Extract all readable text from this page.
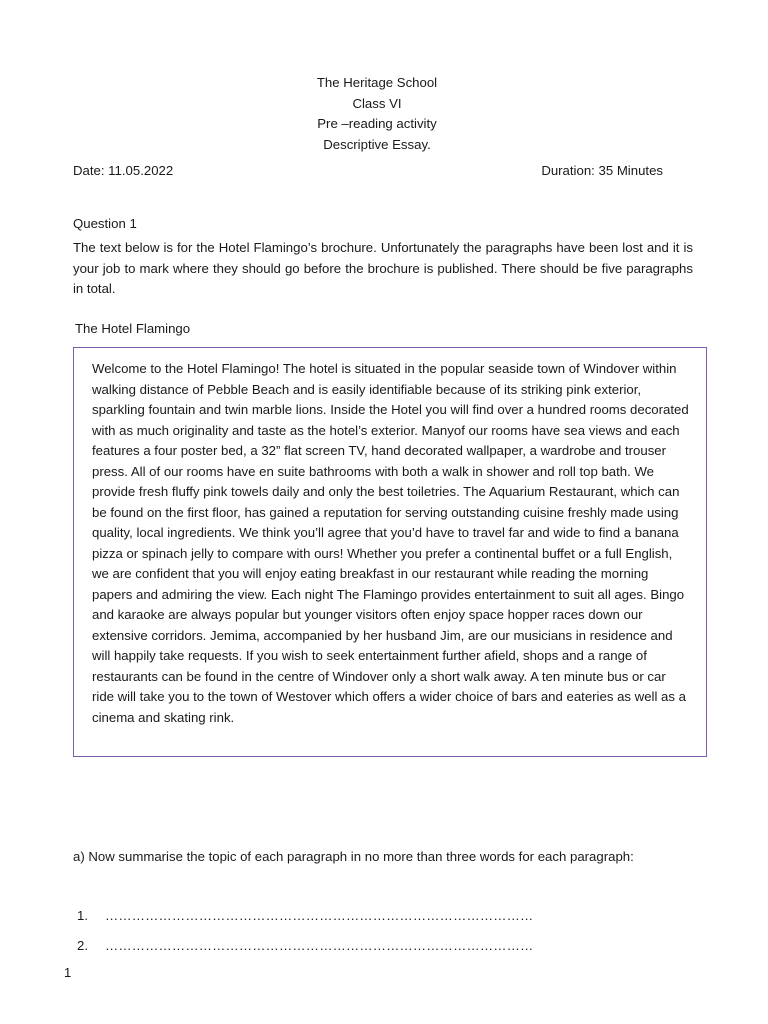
The Heritage School
Class VI
Pre –reading activity
Descriptive Essay.
Date: 11.05.2022	Duration: 35 Minutes
Question 1
The text below is for the Hotel Flamingo’s brochure. Unfortunately the paragraphs have been lost and it is your job to mark where they should go before the brochure is published. There should be five paragraphs in total.
The Hotel Flamingo

Welcome to the Hotel Flamingo! The hotel is situated in the popular seaside town of Windover within walking distance of Pebble Beach and is easily identifiable because of its striking pink exterior, sparkling fountain and twin marble lions. Inside the Hotel you will find over a hundred rooms decorated with as much originality and taste as the hotel’s exterior. Manyof our rooms have sea views and each features a four poster bed, a 32” flat screen TV, hand decorated wallpaper, a wardrobe and trouser press. All of our rooms have en suite bathrooms with both a walk in shower and roll top bath. We provide fresh fluffy pink towels daily and only the best toiletries. The Aquarium Restaurant, which can be found on the first floor, has gained a reputation for serving outstanding cuisine freshly made using quality, local ingredients. We think you’ll agree that you’d have to travel far and wide to find a banana pizza or spinach jelly to compare with ours! Whether you prefer a continental buffet or a full English, we are confident that you will enjoy eating breakfast in our restaurant while reading the morning papers and admiring the view. Each night The Flamingo provides entertainment to suit all ages. Bingo and karaoke are always popular but younger visitors often enjoy space hopper races down our extensive corridors. Jemima, accompanied by her husband Jim, are our musicians in residence and will happily take requests. If you wish to seek entertainment further afield, shops and a range of restaurants can be found in the centre of Windover only a short walk away. A ten minute bus or car ride will take you to the town of Westover which offers a wider choice of bars and eateries as well as a cinema and skating rink.

a) Now summarise the topic of each paragraph in no more than three words for each paragraph:
1. ……………………………………………………………………………………
2. ……………………………………………………………………………………
1
